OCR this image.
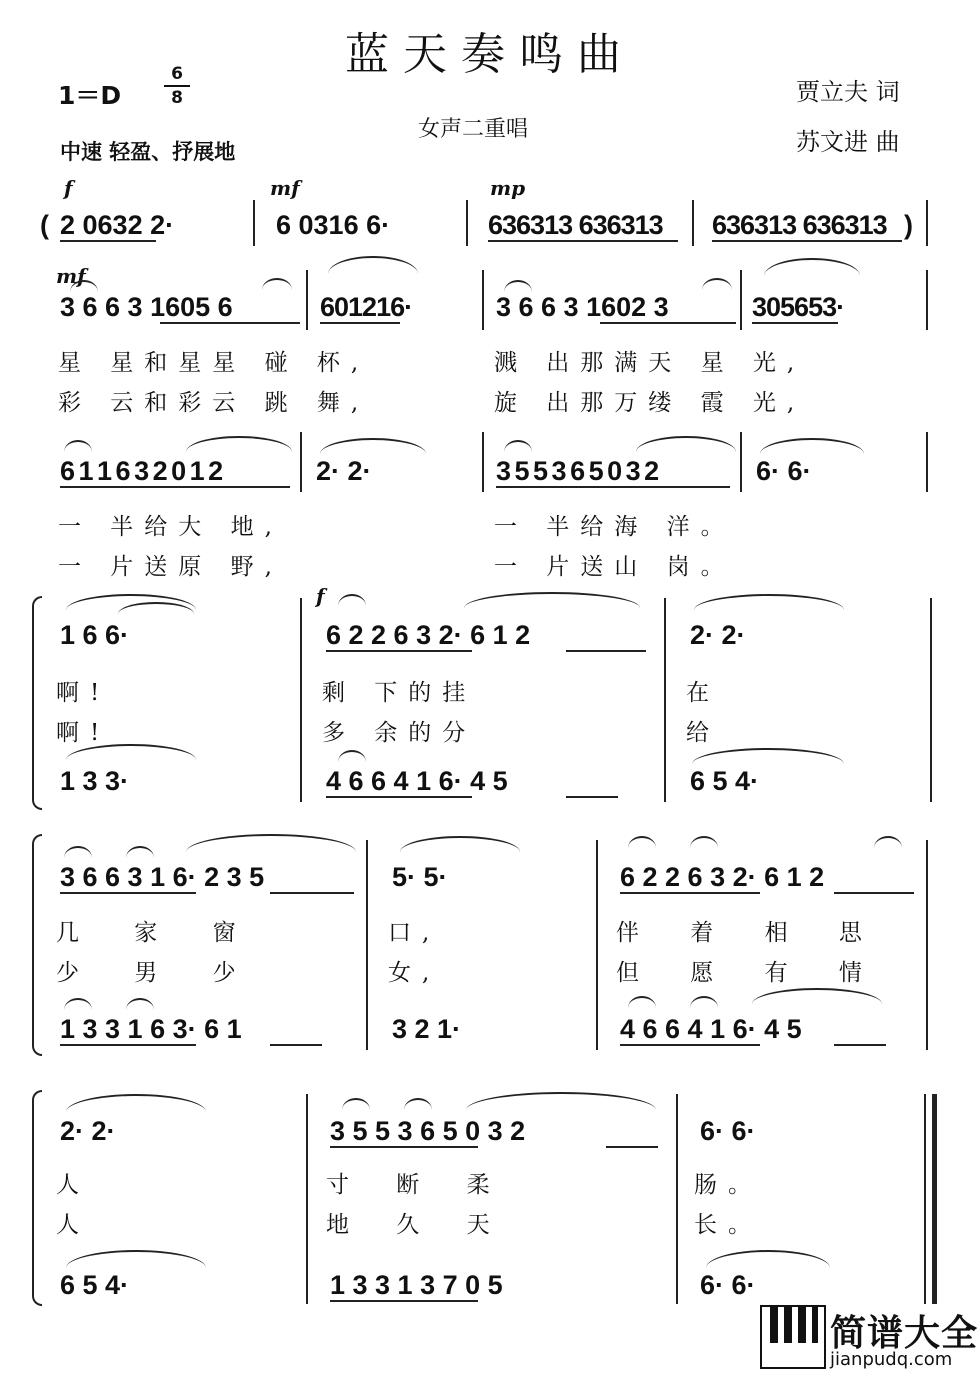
蓝天奏鸣曲
1＝D
6
8	贾立夫 词
苏文进 曲
女声二重唱
中速 轻盈、抒展地
f	mf	mp
( 2 0632 2·	6 0316 6·	636313 636313 636313 636313 )
mf
3 6 6 3 1605 6	601216·	3 6 6 3 1602 3	305653·
星 星和星星 碰 杯,	溅 出那满天 星 光,
彩 云和彩云 跳 舞,	旋 出那万缕 霞 光,
6 1 1 6 3 2 0 1 2	2· 2·	3 5 5 3 6 5 0 3 2	6· 6·
一 半给大 地,	一 半给海 洋。
一 片送原 野,	一 片送山 岗。
f
1 6 6·	6 2 2 6 3 2· 6 1 2	2· 2·
啊!	剩 下的挂	在
啊!	多 余的分	给
1 3 3·	4 6 6 4 1 6· 4 5	6 5 4·
3 6 6 3 1 6· 2 3 5	5· 5·	6 2 2 6 3 2· 6 1 2
几 家 窗	口,	伴 着 相 思
少 男 少	女,	但 愿 有 情
1 3 3 1 6 3· 6 1	3 2 1·	4 6 6 4 1 6· 4 5
2· 2·	3 5 5 3 6 5 0 3 2	6· 6·
人	寸 断 柔	肠。
人	地 久 天	长。
6 5 4·	1 3 3 1 3 7 0 5	6· 6·
简谱大全
jianpudq.com
